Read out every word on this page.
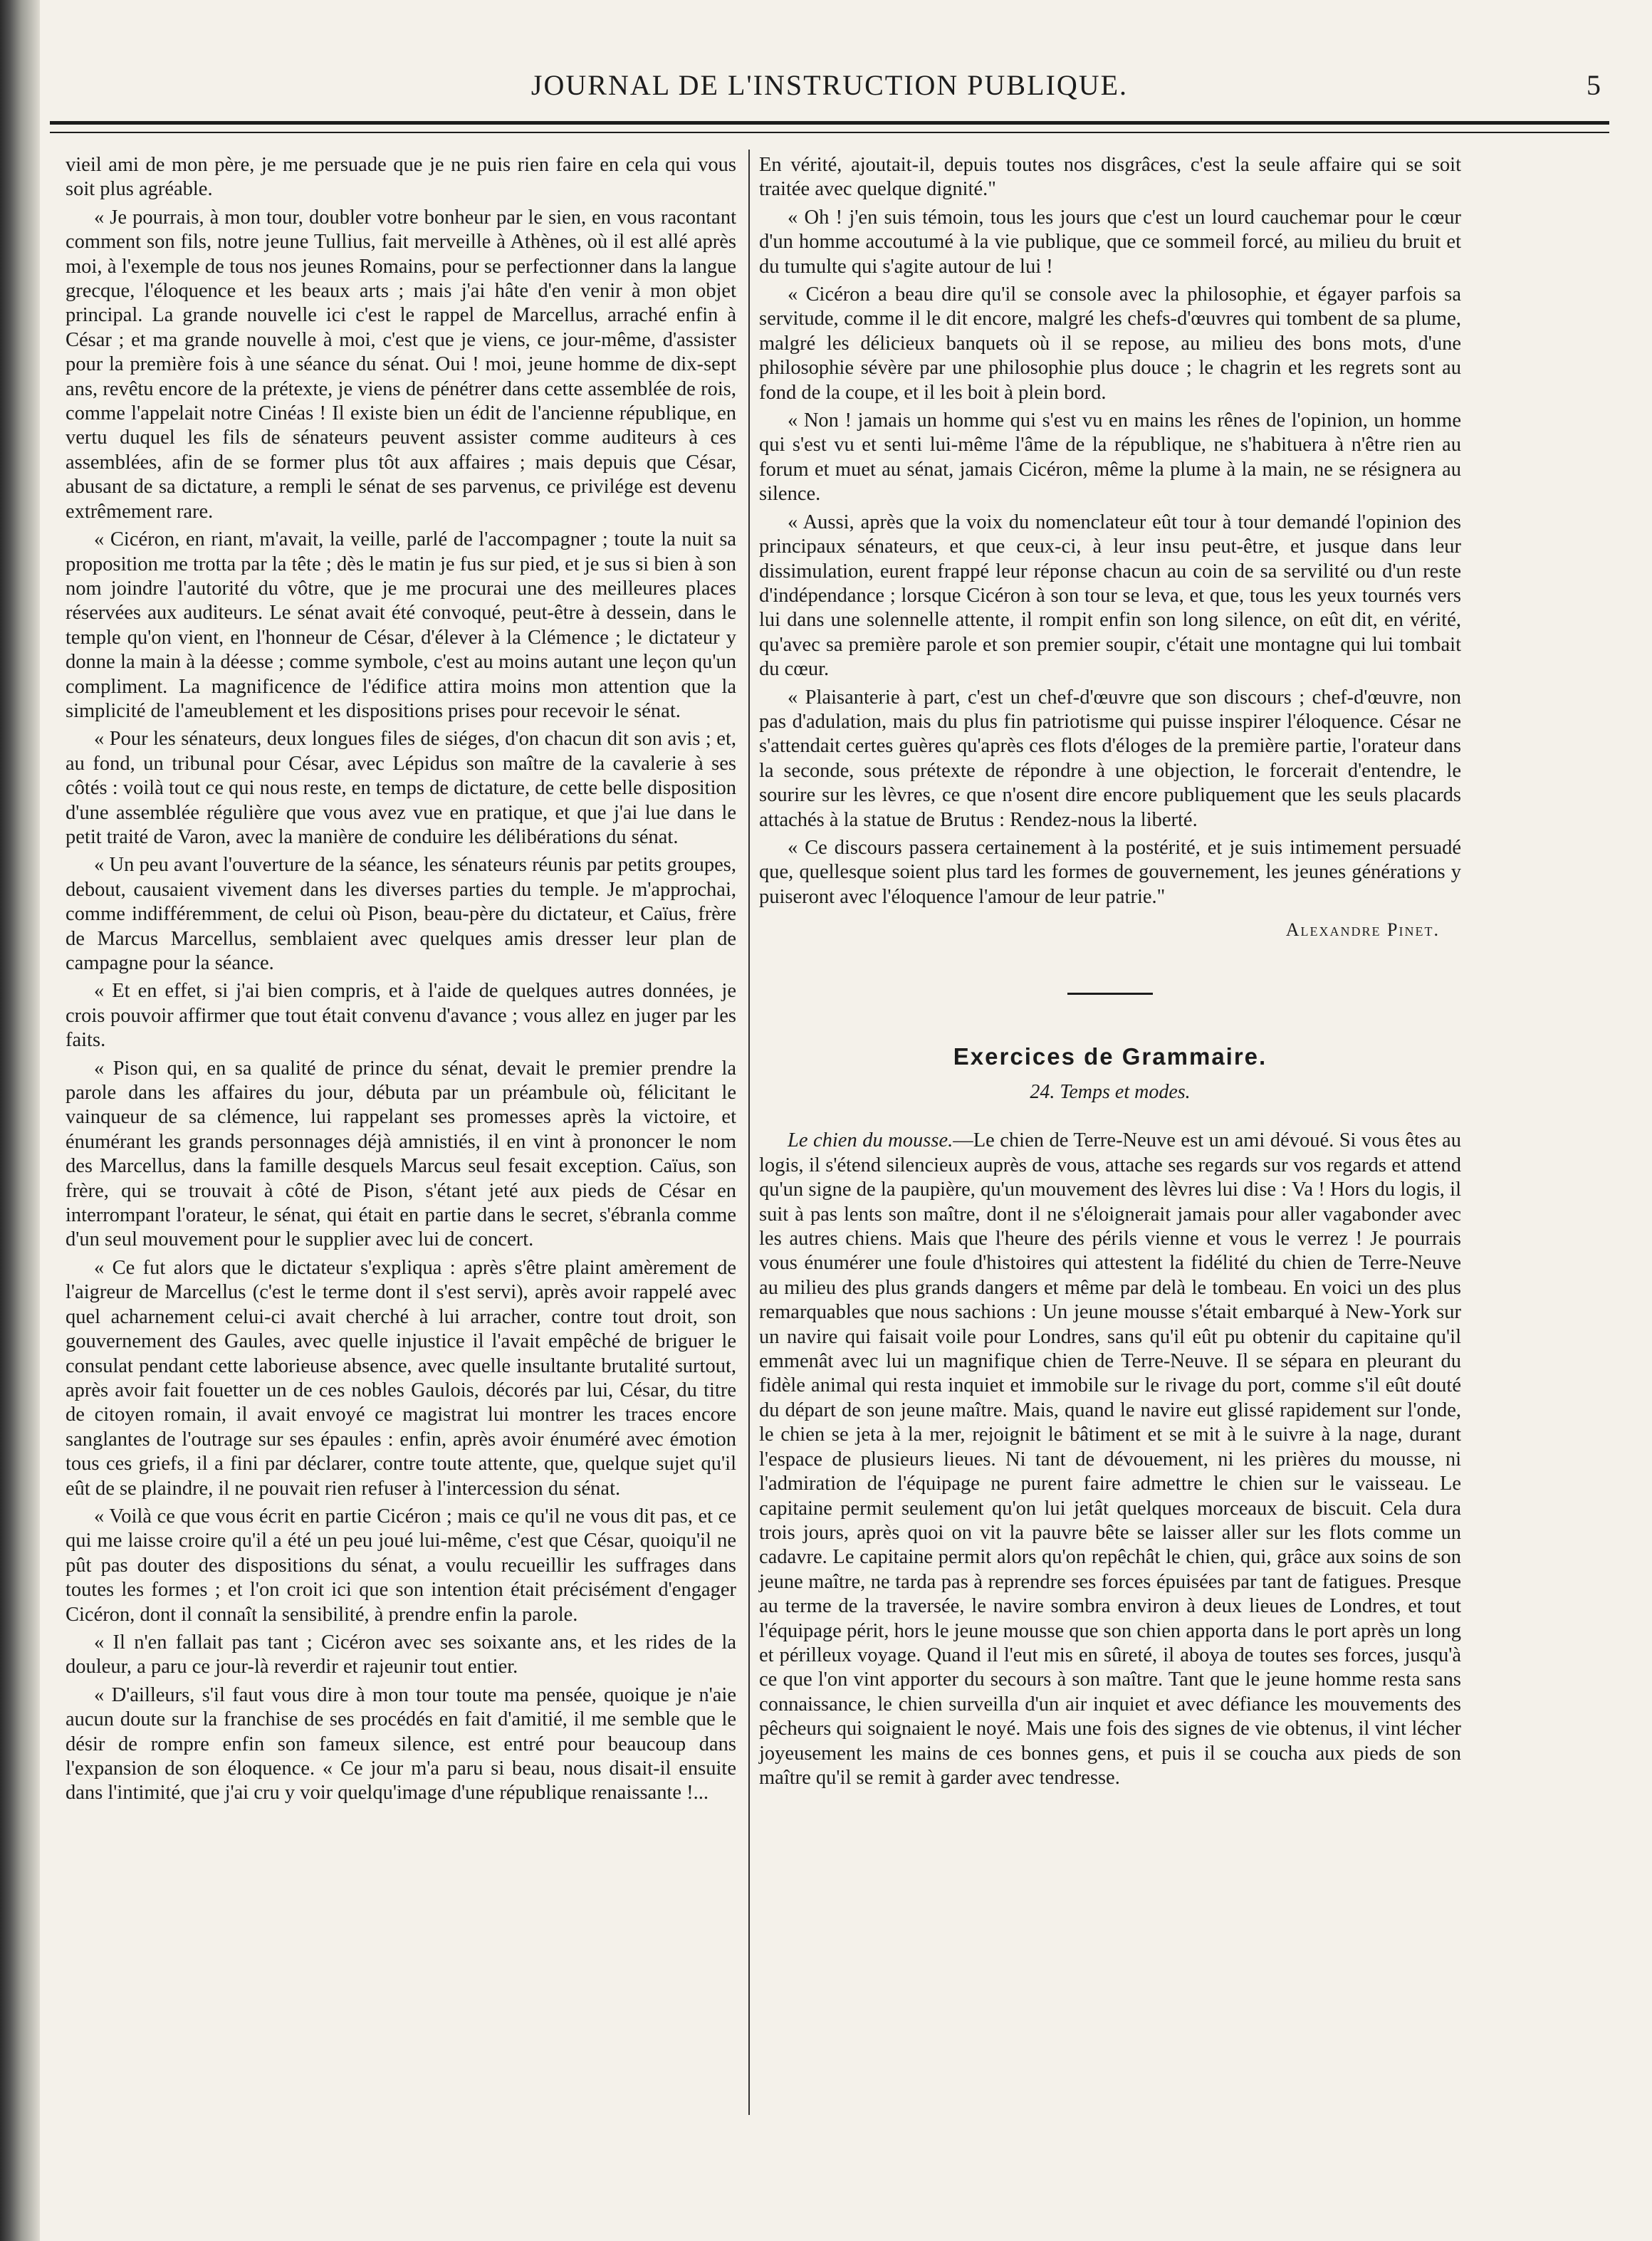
JOURNAL DE L'INSTRUCTION PUBLIQUE.	5

vieil ami de mon père, je me persuade que je ne puis rien faire en cela qui vous soit plus agréable.

« Je pourrais, à mon tour, doubler votre bonheur par le sien, en vous racontant comment son fils, notre jeune Tullius, fait merveille à Athènes, où il est allé après moi, à l'exemple de tous nos jeunes Romains, pour se perfectionner dans la langue grecque, l'éloquence et les beaux arts ; mais j'ai hâte d'en venir à mon objet principal. La grande nouvelle ici c'est le rappel de Marcellus, arraché enfin à César ; et ma grande nouvelle à moi, c'est que je viens, ce jour-même, d'assister pour la première fois à une séance du sénat. Oui ! moi, jeune homme de dix-sept ans, revêtu encore de la prétexte, je viens de pénétrer dans cette assemblée de rois, comme l'appelait notre Cinéas ! Il existe bien un édit de l'ancienne république, en vertu duquel les fils de sénateurs peuvent assister comme auditeurs à ces assemblées, afin de se former plus tôt aux affaires ; mais depuis que César, abusant de sa dictature, a rempli le sénat de ses parvenus, ce privilége est devenu extrêmement rare.

« Cicéron, en riant, m'avait, la veille, parlé de l'accompagner ; toute la nuit sa proposition me trotta par la tête ; dès le matin je fus sur pied, et je sus si bien à son nom joindre l'autorité du vôtre, que je me procurai une des meilleures places réservées aux auditeurs. Le sénat avait été convoqué, peut-être à dessein, dans le temple qu'on vient, en l'honneur de César, d'élever à la Clémence ; le dictateur y donne la main à la déesse ; comme symbole, c'est au moins autant une leçon qu'un compliment. La magnificence de l'édifice attira moins mon attention que la simplicité de l'ameublement et les dispositions prises pour recevoir le sénat.

« Pour les sénateurs, deux longues files de siéges, d'on chacun dit son avis ; et, au fond, un tribunal pour César, avec Lépidus son maître de la cavalerie à ses côtés : voilà tout ce qui nous reste, en temps de dictature, de cette belle disposition d'une assemblée régulière que vous avez vue en pratique, et que j'ai lue dans le petit traité de Varon, avec la manière de conduire les délibérations du sénat.

« Un peu avant l'ouverture de la séance, les sénateurs réunis par petits groupes, debout, causaient vivement dans les diverses parties du temple. Je m'approchai, comme indifféremment, de celui où Pison, beau-père du dictateur, et Caïus, frère de Marcus Marcellus, semblaient avec quelques amis dresser leur plan de campagne pour la séance.

« Et en effet, si j'ai bien compris, et à l'aide de quelques autres données, je crois pouvoir affirmer que tout était convenu d'avance ; vous allez en juger par les faits.

« Pison qui, en sa qualité de prince du sénat, devait le premier prendre la parole dans les affaires du jour, débuta par un préambule où, félicitant le vainqueur de sa clémence, lui rappelant ses promesses après la victoire, et énumérant les grands personnages déjà amnistiés, il en vint à prononcer le nom des Marcellus, dans la famille desquels Marcus seul fesait exception. Caïus, son frère, qui se trouvait à côté de Pison, s'étant jeté aux pieds de César en interrompant l'orateur, le sénat, qui était en partie dans le secret, s'ébranla comme d'un seul mouvement pour le supplier avec lui de concert.

« Ce fut alors que le dictateur s'expliqua : après s'être plaint amèrement de l'aigreur de Marcellus (c'est le terme dont il s'est servi), après avoir rappelé avec quel acharnement celui-ci avait cherché à lui arracher, contre tout droit, son gouvernement des Gaules, avec quelle injustice il l'avait empêché de briguer le consulat pendant cette laborieuse absence, avec quelle insultante brutalité surtout, après avoir fait fouetter un de ces nobles Gaulois, décorés par lui, César, du titre de citoyen romain, il avait envoyé ce magistrat lui montrer les traces encore sanglantes de l'outrage sur ses épaules : enfin, après avoir énuméré avec émotion tous ces griefs, il a fini par déclarer, contre toute attente, que, quelque sujet qu'il eût de se plaindre, il ne pouvait rien refuser à l'intercession du sénat.

« Voilà ce que vous écrit en partie Cicéron ; mais ce qu'il ne vous dit pas, et ce qui me laisse croire qu'il a été un peu joué lui-même, c'est que César, quoiqu'il ne pût pas douter des dispositions du sénat, a voulu recueillir les suffrages dans toutes les formes ; et l'on croit ici que son intention était précisément d'engager Cicéron, dont il connaît la sensibilité, à prendre enfin la parole.

« Il n'en fallait pas tant ; Cicéron avec ses soixante ans, et les rides de la douleur, a paru ce jour-là reverdir et rajeunir tout entier.

« D'ailleurs, s'il faut vous dire à mon tour toute ma pensée, quoique je n'aie aucun doute sur la franchise de ses procédés en fait d'amitié, il me semble que le désir de rompre enfin son fameux silence, est entré pour beaucoup dans l'expansion de son éloquence. « Ce jour m'a paru si beau, nous disait-il ensuite dans l'intimité, que j'ai cru y voir quelqu'image d'une république renaissante !...

En vérité, ajoutait-il, depuis toutes nos disgrâces, c'est la seule affaire qui se soit traitée avec quelque dignité."

« Oh ! j'en suis témoin, tous les jours que c'est un lourd cauchemar pour le cœur d'un homme accoutumé à la vie publique, que ce sommeil forcé, au milieu du bruit et du tumulte qui s'agite autour de lui !

« Cicéron a beau dire qu'il se console avec la philosophie, et égayer parfois sa servitude, comme il le dit encore, malgré les chefs-d'œuvres qui tombent de sa plume, malgré les délicieux banquets où il se repose, au milieu des bons mots, d'une philosophie sévère par une philosophie plus douce ; le chagrin et les regrets sont au fond de la coupe, et il les boit à plein bord.

« Non ! jamais un homme qui s'est vu en mains les rênes de l'opinion, un homme qui s'est vu et senti lui-même l'âme de la république, ne s'habituera à n'être rien au forum et muet au sénat, jamais Cicéron, même la plume à la main, ne se résignera au silence.

« Aussi, après que la voix du nomenclateur eût tour à tour demandé l'opinion des principaux sénateurs, et que ceux-ci, à leur insu peut-être, et jusque dans leur dissimulation, eurent frappé leur réponse chacun au coin de sa servilité ou d'un reste d'indépendance ; lorsque Cicéron à son tour se leva, et que, tous les yeux tournés vers lui dans une solennelle attente, il rompit enfin son long silence, on eût dit, en vérité, qu'avec sa première parole et son premier soupir, c'était une montagne qui lui tombait du cœur.

« Plaisanterie à part, c'est un chef-d'œuvre que son discours ; chef-d'œuvre, non pas d'adulation, mais du plus fin patriotisme qui puisse inspirer l'éloquence. César ne s'attendait certes guères qu'après ces flots d'éloges de la première partie, l'orateur dans la seconde, sous prétexte de répondre à une objection, le forcerait d'entendre, le sourire sur les lèvres, ce que n'osent dire encore publiquement que les seuls placards attachés à la statue de Brutus : Rendez-nous la liberté.

« Ce discours passera certainement à la postérité, et je suis intimement persuadé que, quellesque soient plus tard les formes de gouvernement, les jeunes générations y puiseront avec l'éloquence l'amour de leur patrie."

Alexandre Pinet.
Exercices de Grammaire.
24. Temps et modes.

Le chien du mousse.—Le chien de Terre-Neuve est un ami dévoué. Si vous êtes au logis, il s'étend silencieux auprès de vous, attache ses regards sur vos regards et attend qu'un signe de la paupière, qu'un mouvement des lèvres lui dise : Va ! Hors du logis, il suit à pas lents son maître, dont il ne s'éloignerait jamais pour aller vagabonder avec les autres chiens. Mais que l'heure des périls vienne et vous le verrez ! Je pourrais vous énumérer une foule d'histoires qui attestent la fidélité du chien de Terre-Neuve au milieu des plus grands dangers et même par delà le tombeau. En voici un des plus remarquables que nous sachions : Un jeune mousse s'était embarqué à New-York sur un navire qui faisait voile pour Londres, sans qu'il eût pu obtenir du capitaine qu'il emmenât avec lui un magnifique chien de Terre-Neuve. Il se sépara en pleurant du fidèle animal qui resta inquiet et immobile sur le rivage du port, comme s'il eût douté du départ de son jeune maître. Mais, quand le navire eut glissé rapidement sur l'onde, le chien se jeta à la mer, rejoignit le bâtiment et se mit à le suivre à la nage, durant l'espace de plusieurs lieues. Ni tant de dévouement, ni les prières du mousse, ni l'admiration de l'équipage ne purent faire admettre le chien sur le vaisseau. Le capitaine permit seulement qu'on lui jetât quelques morceaux de biscuit. Cela dura trois jours, après quoi on vit la pauvre bête se laisser aller sur les flots comme un cadavre. Le capitaine permit alors qu'on repêchât le chien, qui, grâce aux soins de son jeune maître, ne tarda pas à reprendre ses forces épuisées par tant de fatigues. Presque au terme de la traversée, le navire sombra environ à deux lieues de Londres, et tout l'équipage périt, hors le jeune mousse que son chien apporta dans le port après un long et périlleux voyage. Quand il l'eut mis en sûreté, il aboya de toutes ses forces, jusqu'à ce que l'on vint apporter du secours à son maître. Tant que le jeune homme resta sans connaissance, le chien surveilla d'un air inquiet et avec défiance les mouvements des pêcheurs qui soignaient le noyé. Mais une fois des signes de vie obtenus, il vint lécher joyeusement les mains de ces bonnes gens, et puis il se coucha aux pieds de son maître qu'il se remit à garder avec tendresse.
